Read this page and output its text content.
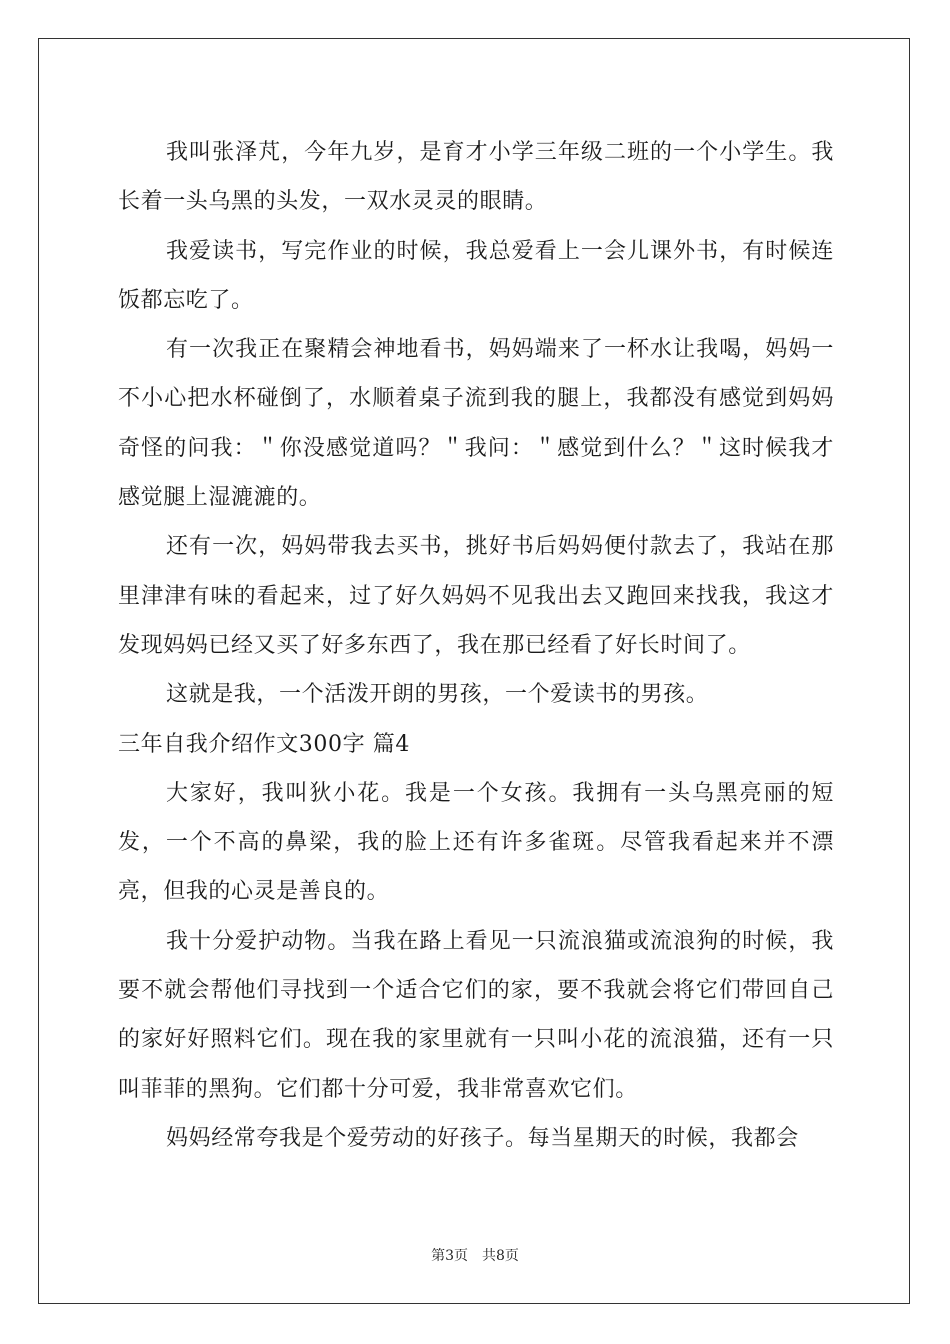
我叫张泽芃，今年九岁，是育才小学三年级二班的一个小学生。我长着一头乌黑的头发，一双水灵灵的眼睛。

我爱读书，写完作业的时候，我总爱看上一会儿课外书，有时候连饭都忘吃了。

有一次我正在聚精会神地看书，妈妈端来了一杯水让我喝，妈妈一不小心把水杯碰倒了，水顺着桌子流到我的腿上，我都没有感觉到妈妈奇怪的问我：＂你没感觉道吗？＂我问：＂感觉到什么？＂这时候我才感觉腿上湿漉漉的。

还有一次，妈妈带我去买书，挑好书后妈妈便付款去了，我站在那里津津有味的看起来，过了好久妈妈不见我出去又跑回来找我，我这才发现妈妈已经又买了好多东西了，我在那已经看了好长时间了。

这就是我，一个活泼开朗的男孩，一个爱读书的男孩。

三年自我介绍作文300字 篇4

大家好，我叫狄小花。我是一个女孩。我拥有一头乌黑亮丽的短发，一个不高的鼻梁，我的脸上还有许多雀斑。尽管我看起来并不漂亮，但我的心灵是善良的。

我十分爱护动物。当我在路上看见一只流浪猫或流浪狗的时候，我要不就会帮他们寻找到一个适合它们的家，要不我就会将它们带回自己的家好好照料它们。现在我的家里就有一只叫小花的流浪猫，还有一只叫菲菲的黑狗。它们都十分可爱，我非常喜欢它们。

妈妈经常夸我是个爱劳动的好孩子。每当星期天的时候，我都会

第3页　共8页
